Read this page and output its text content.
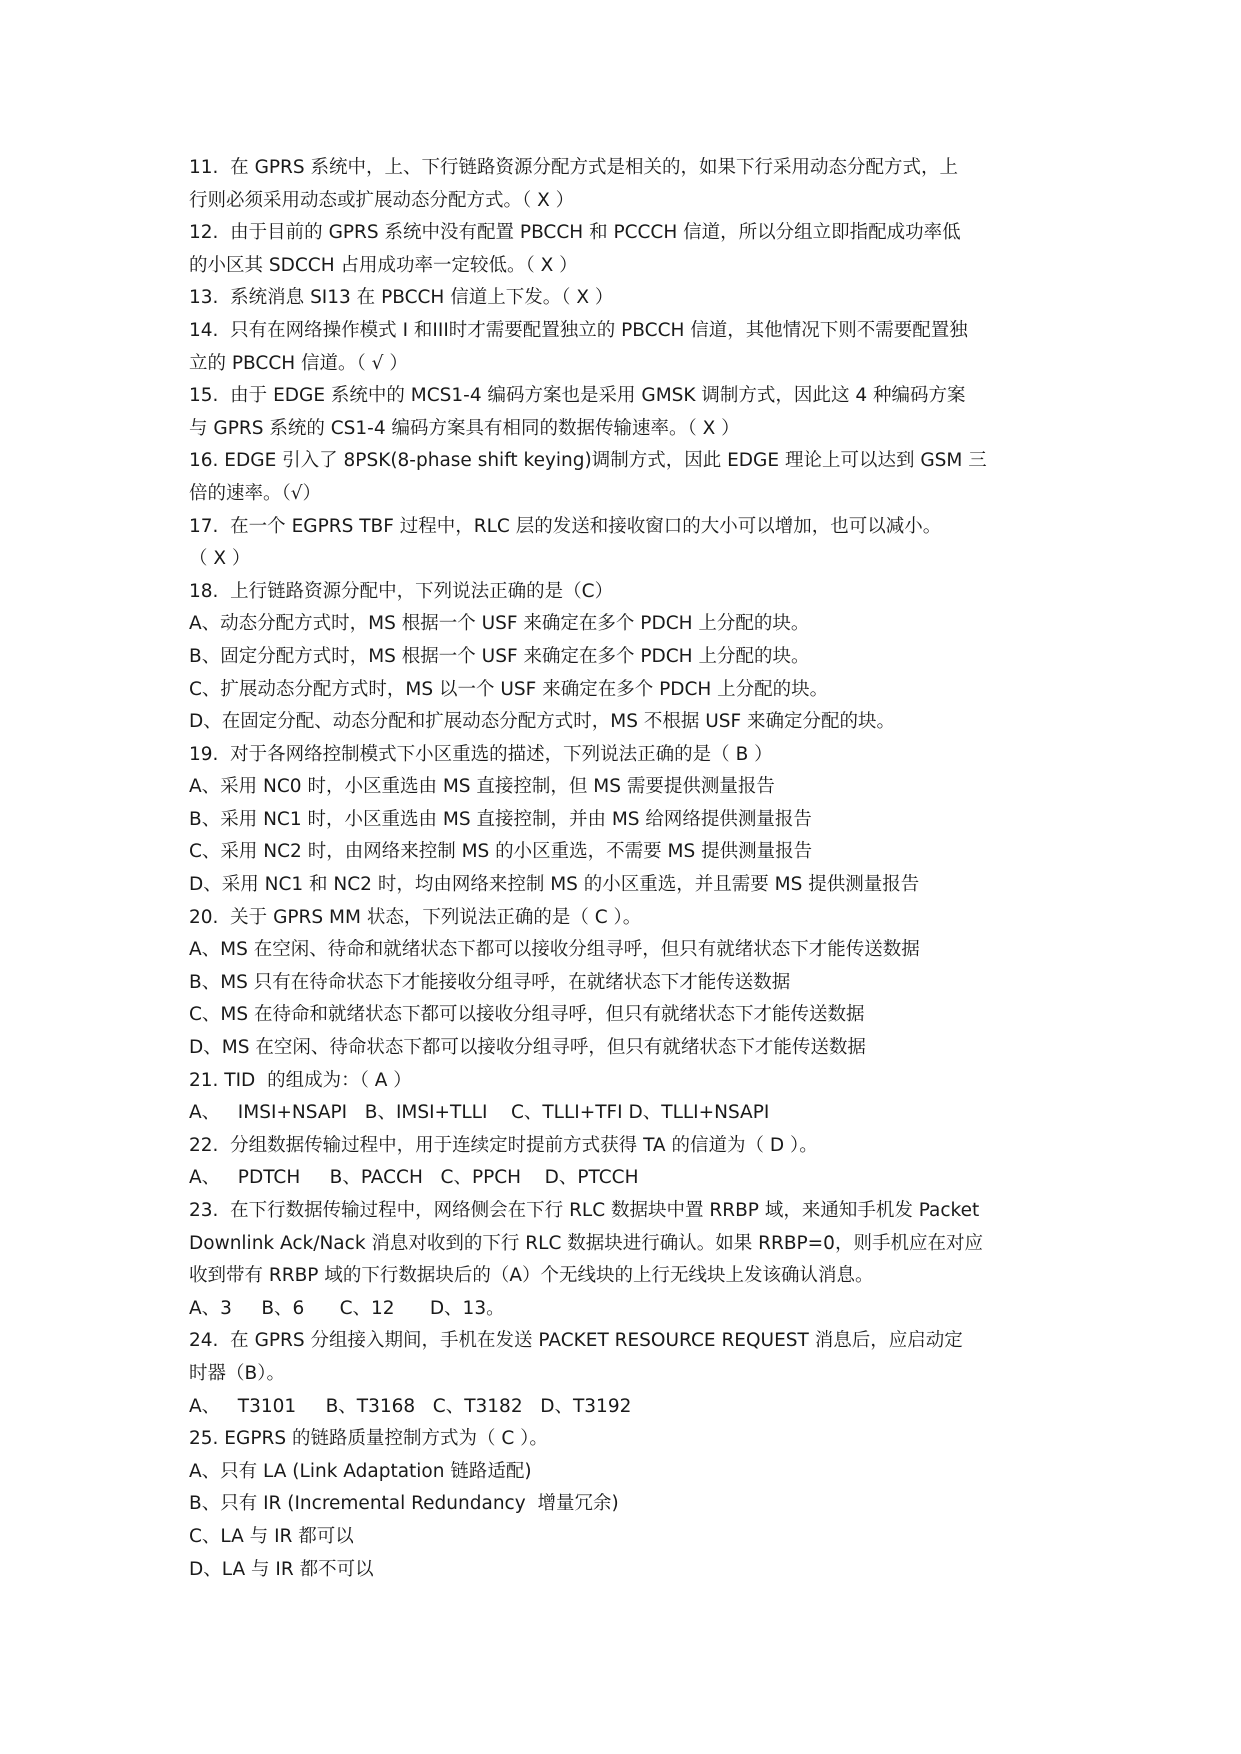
11.  在 GPRS 系统中，上、下行链路资源分配方式是相关的，如果下行采用动态分配方式，上
行则必须采用动态或扩展动态分配方式。（ X ）
12.  由于目前的 GPRS 系统中没有配置 PBCCH 和 PCCCH 信道，所以分组立即指配成功率低
的小区其 SDCCH 占用成功率一定较低。（ X ）
13.  系统消息 SI13 在 PBCCH 信道上下发。（ X ）
14.  只有在网络操作模式 I 和III时才需要配置独立的 PBCCH 信道，其他情况下则不需要配置独
立的 PBCCH 信道。（ √ ）
15.  由于 EDGE 系统中的 MCS1-4 编码方案也是采用 GMSK 调制方式，因此这 4 种编码方案
与 GPRS 系统的 CS1-4 编码方案具有相同的数据传输速率。（ X ）
16. EDGE 引入了 8PSK(8-phase shift keying)调制方式，因此 EDGE 理论上可以达到 GSM 三
倍的速率。（√）
17.  在一个 EGPRS TBF 过程中，RLC 层的发送和接收窗口的大小可以增加，也可以减小。
（ X ）
18.  上行链路资源分配中，下列说法正确的是（C）
A、动态分配方式时，MS 根据一个 USF 来确定在多个 PDCH 上分配的块。
B、固定分配方式时，MS 根据一个 USF 来确定在多个 PDCH 上分配的块。
C、扩展动态分配方式时，MS 以一个 USF 来确定在多个 PDCH 上分配的块。
D、在固定分配、动态分配和扩展动态分配方式时，MS 不根据 USF 来确定分配的块。
19.  对于各网络控制模式下小区重选的描述，下列说法正确的是（ B ）
A、采用 NC0 时，小区重选由 MS 直接控制，但 MS 需要提供测量报告
B、采用 NC1 时，小区重选由 MS 直接控制，并由 MS 给网络提供测量报告
C、采用 NC2 时，由网络来控制 MS 的小区重选，不需要 MS 提供测量报告
D、采用 NC1 和 NC2 时，均由网络来控制 MS 的小区重选，并且需要 MS 提供测量报告
20.  关于 GPRS MM 状态，下列说法正确的是（ C ）。
A、MS 在空闲、待命和就绪状态下都可以接收分组寻呼，但只有就绪状态下才能传送数据
B、MS 只有在待命状态下才能接收分组寻呼，在就绪状态下才能传送数据
C、MS 在待命和就绪状态下都可以接收分组寻呼，但只有就绪状态下才能传送数据
D、MS 在空闲、待命状态下都可以接收分组寻呼，但只有就绪状态下才能传送数据
21. TID  的组成为：（ A ）
A、   IMSI+NSAPI   B、IMSI+TLLI    C、TLLI+TFI D、TLLI+NSAPI
22.  分组数据传输过程中，用于连续定时提前方式获得 TA 的信道为（ D ）。
A、   PDTCH     B、PACCH   C、PPCH    D、PTCCH
23.  在下行数据传输过程中，网络侧会在下行 RLC 数据块中置 RRBP 域，来通知手机发 Packet
Downlink Ack/Nack 消息对收到的下行 RLC 数据块进行确认。如果 RRBP=0，则手机应在对应
收到带有 RRBP 域的下行数据块后的（A）个无线块的上行无线块上发该确认消息。
A、3     B、6      C、12      D、13。
24.  在 GPRS 分组接入期间，手机在发送 PACKET RESOURCE REQUEST 消息后，应启动定
时器（B）。
A、   T3101     B、T3168   C、T3182   D、T3192
25. EGPRS 的链路质量控制方式为（ C ）。
A、只有 LA (Link Adaptation 链路适配)
B、只有 IR (Incremental Redundancy  增量冗余)
C、LA 与 IR 都可以
D、LA 与 IR 都不可以
